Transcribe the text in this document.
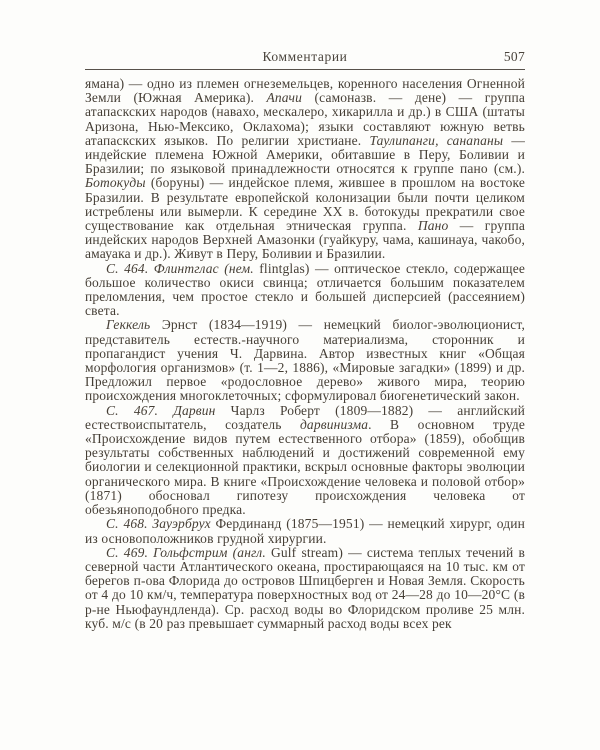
Комментарии	507

ямана) — одно из племен огнеземельцев, коренного населения Огненной Земли (Южная Америка). Апачи (самоназв. — дене) — группа атапаскских народов (навахо, мескалеро, хикарилла и др.) в США (штаты Аризона, Нью-Мексико, Оклахома); языки составляют южную ветвь атапаскских языков. По религии христиане. Таулипанги, санапаны — индейские племена Южной Америки, обитавшие в Перу, Боливии и Бразилии; по языковой принадлежности относятся к группе пано (см.). Ботокуды (боруны) — индейское племя, жившее в прошлом на востоке Бразилии. В результате европейской колонизации были почти целиком истреблены или вымерли. К середине XX в. ботокуды прекратили свое существование как отдельная этническая группа. Пано — группа индейских народов Верхней Амазонки (гуайкуру, чама, кашинауа, чакобо, амауака и др.). Живут в Перу, Боливии и Бразилии.

С. 464. Флинтглас (нем. flintglas) — оптическое стекло, содержащее большое количество окиси свинца; отличается большим показателем преломления, чем простое стекло и большей дисперсией (рассеянием) света.

Геккель Эрнст (1834—1919) — немецкий биолог-эволюционист, представитель естеств.-научного материализма, сторонник и пропагандист учения Ч. Дарвина. Автор известных книг «Общая морфология организмов» (т. 1—2, 1886), «Мировые загадки» (1899) и др. Предложил первое «родословное дерево» живого мира, теорию происхождения многоклеточных; сформулировал биогенетический закон.

С. 467. Дарвин Чарлз Роберт (1809—1882) — английский естествоиспытатель, создатель дарвинизма. В основном труде «Происхождение видов путем естественного отбора» (1859), обобщив результаты собственных наблюдений и достижений современной ему биологии и селекционной практики, вскрыл основные факторы эволюции органического мира. В книге «Происхождение человека и половой отбор» (1871) обосновал гипотезу происхождения человека от обезьяноподобного предка.

С. 468. Зауэрбрух Фердинанд (1875—1951) — немецкий хирург, один из основоположников грудной хирургии.

С. 469. Гольфстрим (англ. Gulf stream) — система теплых течений в северной части Атлантического океана, простирающаяся на 10 тыс. км от берегов п-ова Флорида до островов Шпицберген и Новая Земля. Скорость от 4 до 10 км/ч, температура поверхностных вод от 24—28 до 10—20°С (в р-не Ньюфаундленда). Ср. расход воды во Флоридском проливе 25 млн. куб. м/с (в 20 раз превышает суммарный расход воды всех рек
